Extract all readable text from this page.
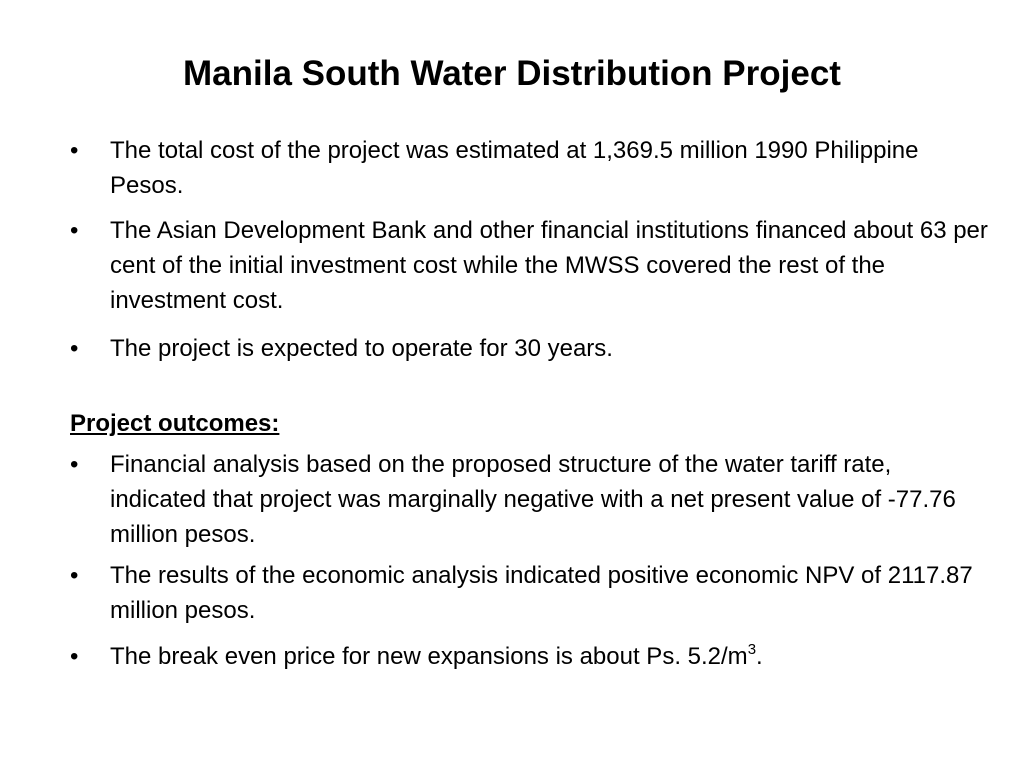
Manila South Water Distribution Project
•	The total cost of the project was estimated at 1,369.5 million 1990 Philippine Pesos.
•	The Asian Development Bank and other financial institutions financed about 63 per cent of the initial investment cost while the MWSS covered the rest of the investment cost.
•	The project is expected to operate for 30 years.
Project outcomes:
•	Financial analysis based on the proposed structure of the water tariff rate, indicated that project was marginally negative with a net present value of -77.76 million pesos.
•	The results of the economic analysis indicated positive economic NPV of 2117.87 million pesos.
•	The break even price for new expansions is about Ps. $5.2/m^3$.
